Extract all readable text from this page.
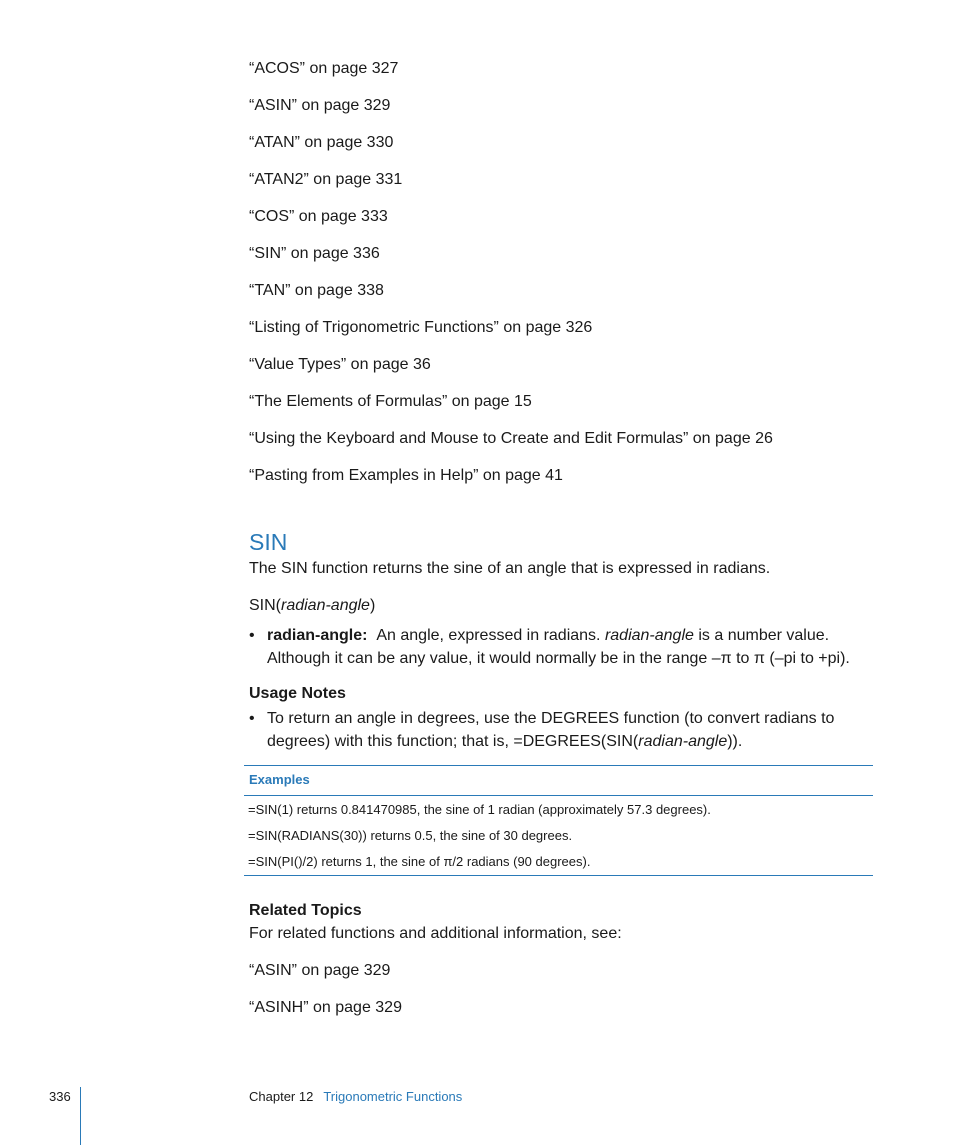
“ACOS” on page 327
“ASIN” on page 329
“ATAN” on page 330
“ATAN2” on page 331
“COS” on page 333
“SIN” on page 336
“TAN” on page 338
“Listing of Trigonometric Functions” on page 326
“Value Types” on page 36
“The Elements of Formulas” on page 15
“Using the Keyboard and Mouse to Create and Edit Formulas” on page 26
“Pasting from Examples in Help” on page 41
SIN

The SIN function returns the sine of an angle that is expressed in radians.

SIN(radian-angle)

• radian-angle: An angle, expressed in radians. radian-angle is a number value.
Although it can be any value, it would normally be in the range –π to π (–pi to +pi).
Usage Notes
• To return an angle in degrees, use the DEGREES function (to convert radians to
degrees) with this function; that is, =DEGREES(SIN(radian-angle)).
Examples
=SIN(1) returns 0.841470985, the sine of 1 radian (approximately 57.3 degrees).
=SIN(RADIANS(30)) returns 0.5, the sine of 30 degrees.
=SIN(PI()/2) returns 1, the sine of π/2 radians (90 degrees).
Related Topics

For related functions and additional information, see:

“ASIN” on page 329

“ASINH” on page 329

336	Chapter 12 Trigonometric Functions
